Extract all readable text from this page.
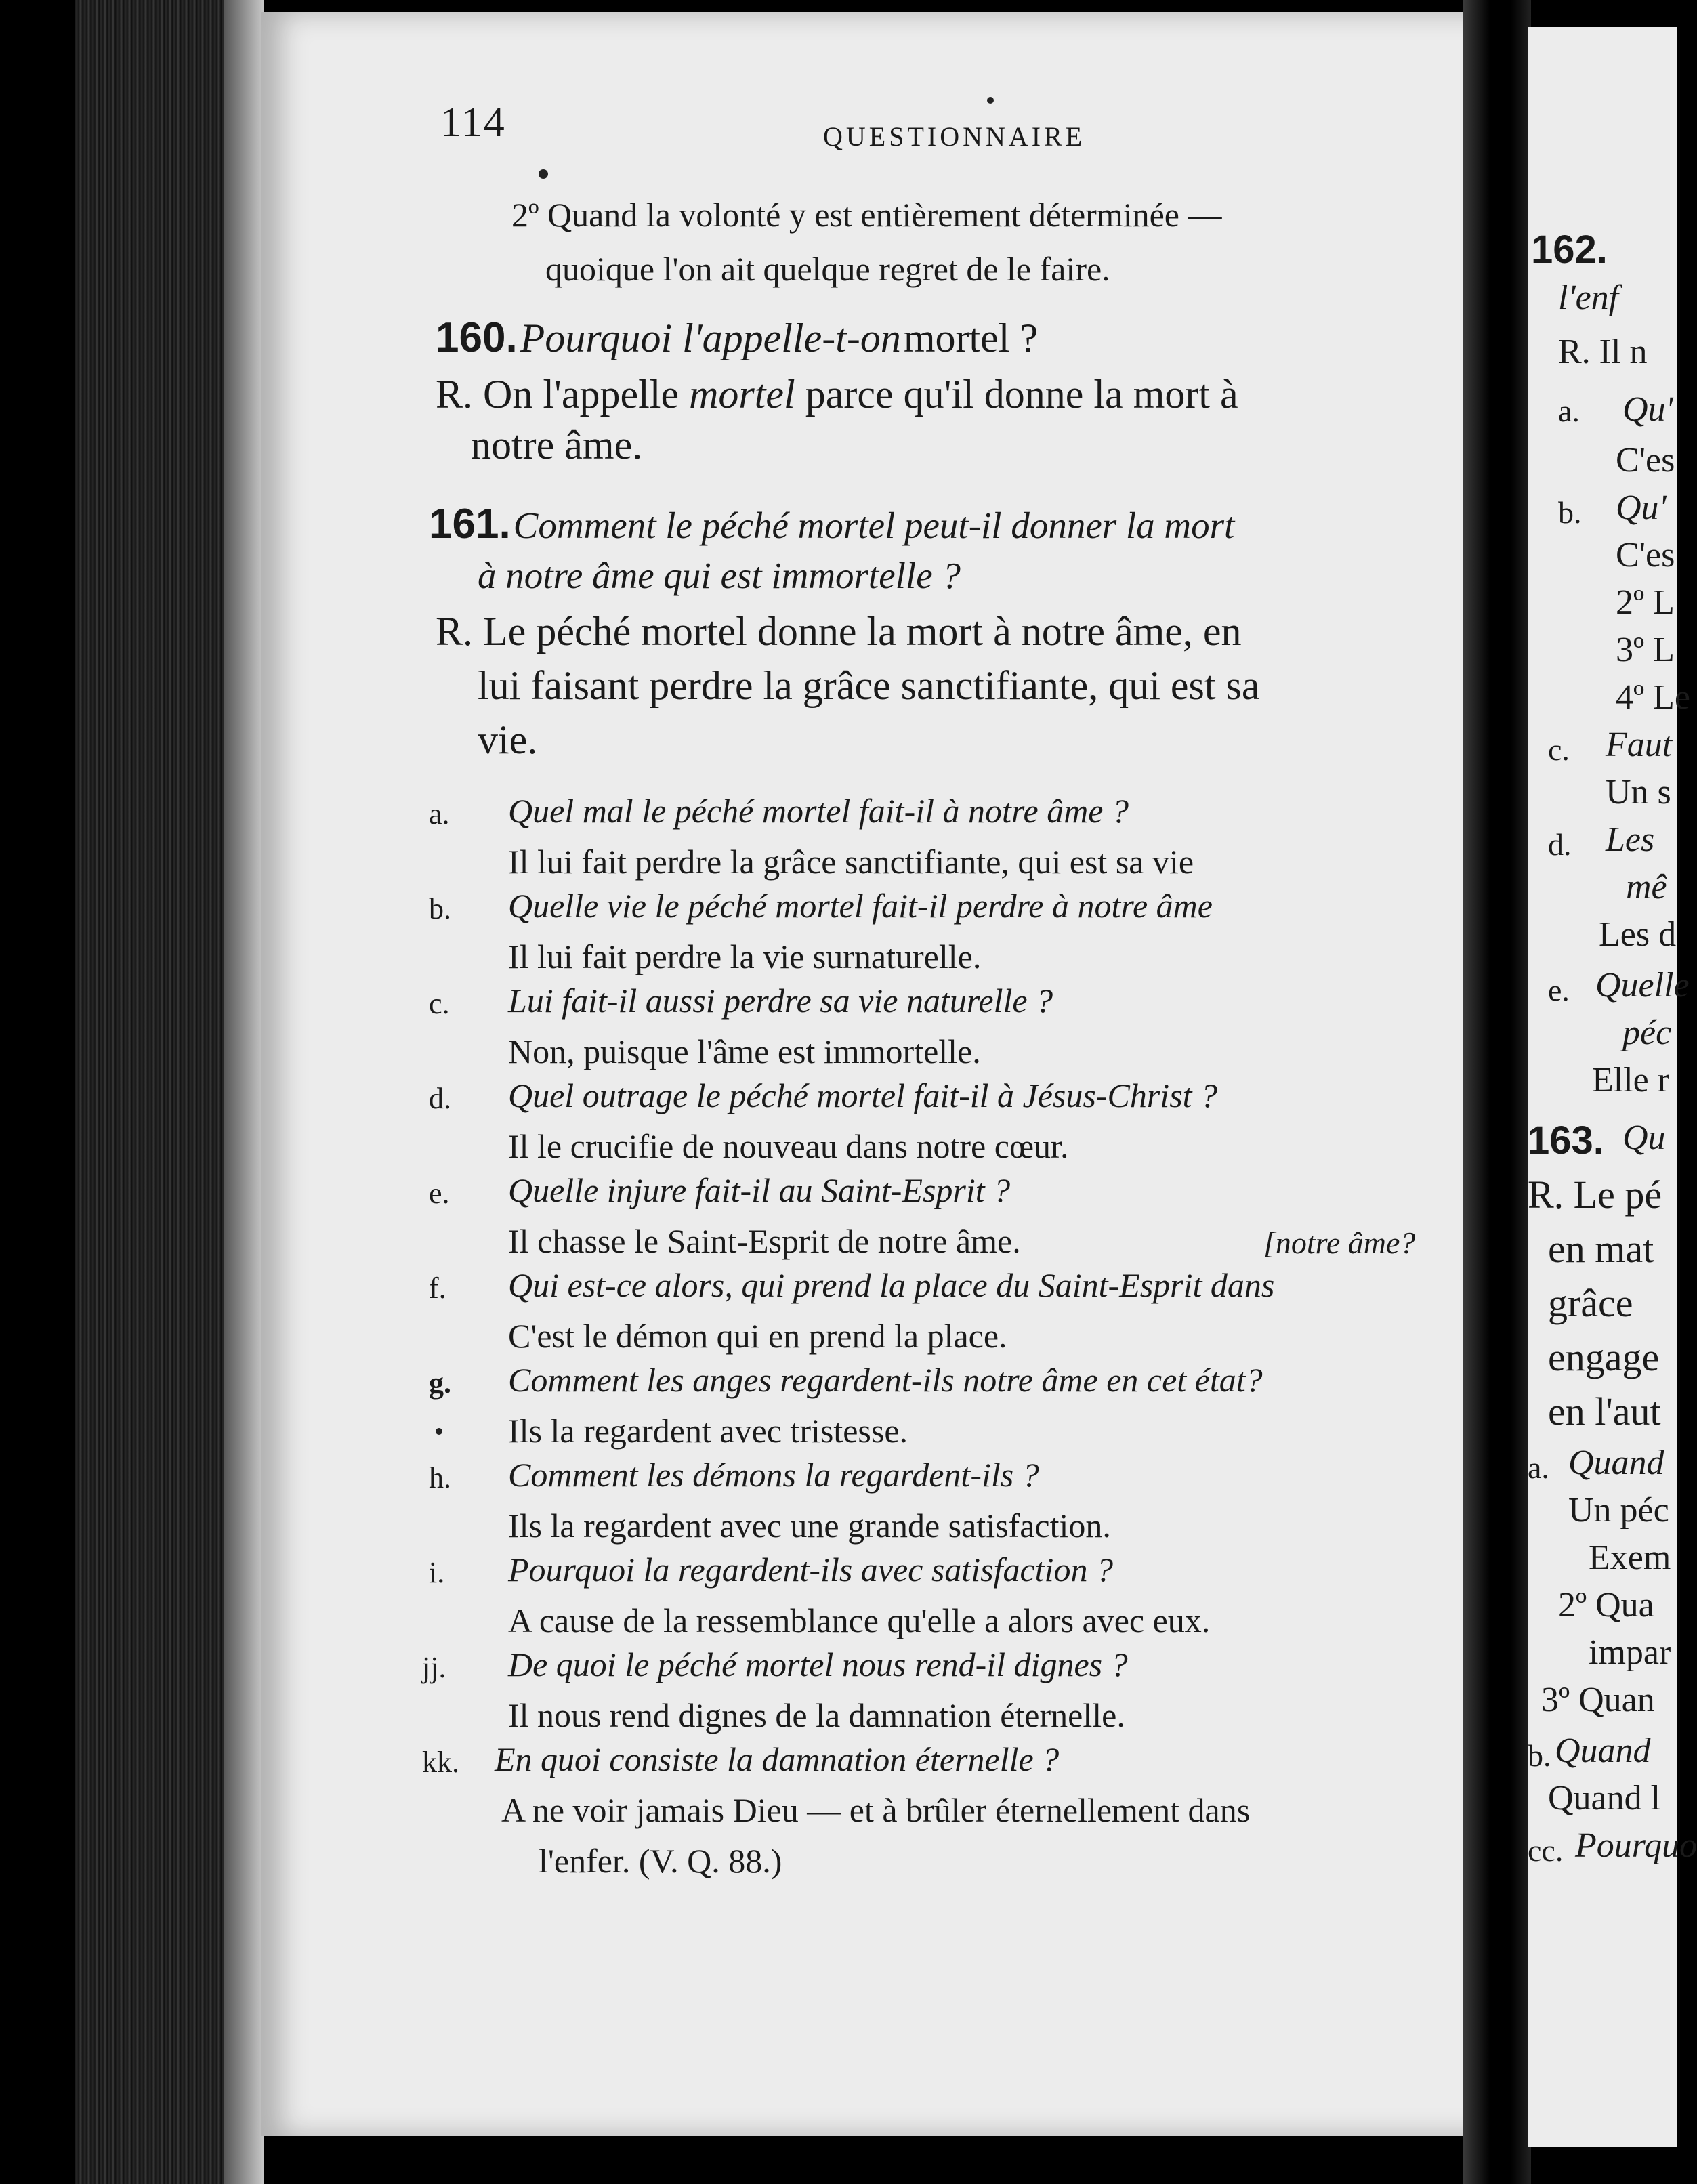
114	QUESTIONNAIRE
2º Quand la volonté y est entièrement déterminée —
quoique l'on ait quelque regret de le faire.
160. Pourquoi l'appelle-t-on mortel ?
R. On l'appelle mortel parce qu'il donne la mort à
notre âme.
161. Comment le péché mortel peut-il donner la mort
à notre âme qui est immortelle ?
R. Le péché mortel donne la mort à notre âme, en
lui faisant perdre la grâce sanctifiante, qui est sa
vie.
a. Quel mal le péché mortel fait-il à notre âme ?
Il lui fait perdre la grâce sanctifiante, qui est sa vie
b. Quelle vie le péché mortel fait-il perdre à notre âme
Il lui fait perdre la vie surnaturelle.
c. Lui fait-il aussi perdre sa vie naturelle ?
Non, puisque l'âme est immortelle.
d. Quel outrage le péché mortel fait-il à Jésus-Christ ?
Il le crucifie de nouveau dans notre cœur.
e. Quelle injure fait-il au Saint-Esprit ?
Il chasse le Saint-Esprit de notre âme.	[notre âme?
f. Qui est-ce alors, qui prend la place du Saint-Esprit dans
C'est le démon qui en prend la place.
g. Comment les anges regardent-ils notre âme en cet état?
Ils la regardent avec tristesse.
h. Comment les démons la regardent-ils ?
Ils la regardent avec une grande satisfaction.
i. Pourquoi la regardent-ils avec satisfaction ?
A cause de la ressemblance qu'elle a alors avec eux.
jj. De quoi le péché mortel nous rend-il dignes ?
Il nous rend dignes de la damnation éternelle.
kk. En quoi consiste la damnation éternelle ?
A ne voir jamais Dieu — et à brûler éternellement dans
l'enfer. (V. Q. 88.)
162.
l'enf
R. Il n
a. Qu'
C'es
b. Qu'
C'es
2º L
3º L
4º Le
c. Faut
Un s
d. Les
mê
Les d
e. Quelle
péc
Elle r
163. Qu
R. Le pé
en mat
grâce
engage
en l'aut
a. Quand
Un péc
Exem
2º Qua
impar
3º Quan
b. Quand
Quand l
cc. Pourquo
